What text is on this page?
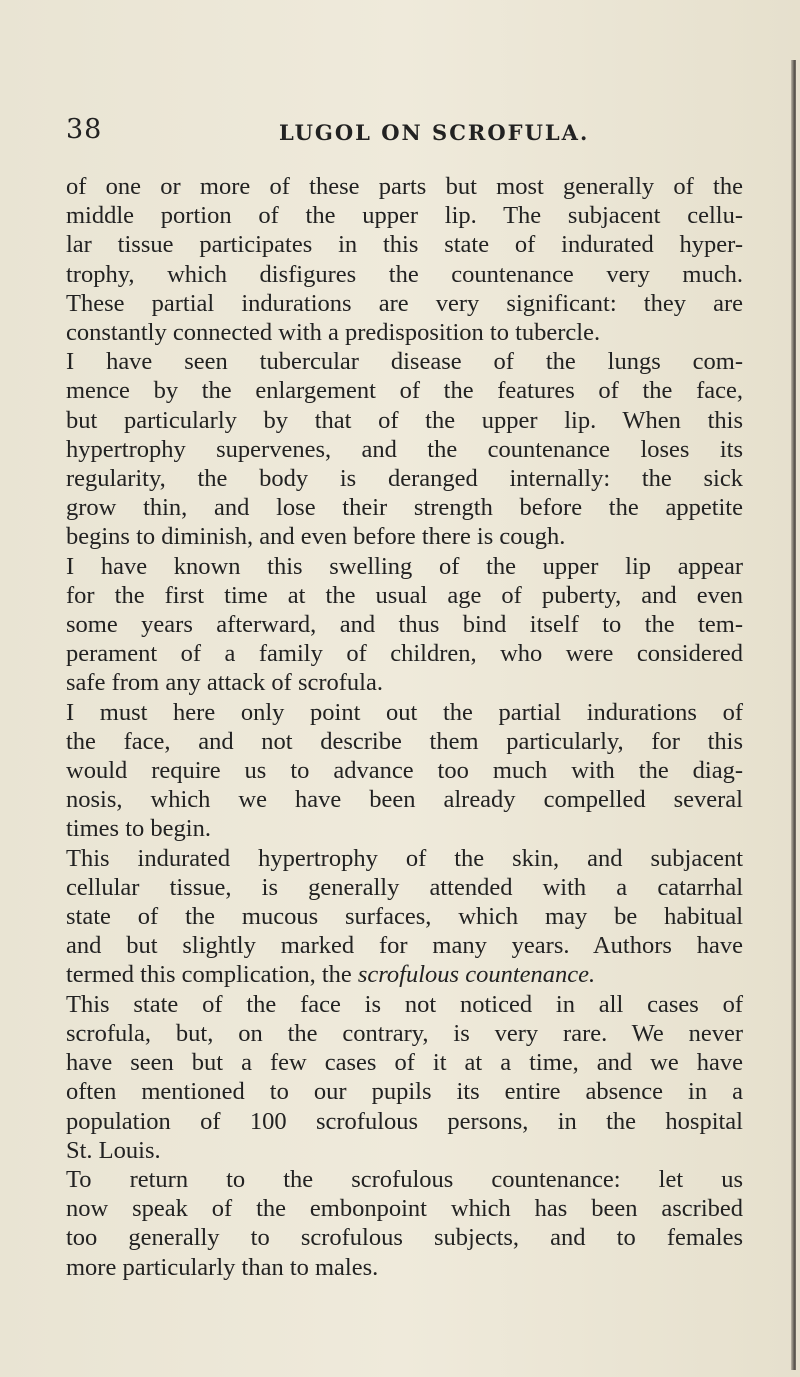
38	LUGOL ON SCROFULA.
of one or more of these parts but most generally of the
middle portion of the upper lip. The subjacent cellu-
lar tissue participates in this state of indurated hyper-
trophy, which disfigures the countenance very much.
These partial indurations are very significant: they are
constantly connected with a predisposition to tubercle.
I have seen tubercular disease of the lungs com-
mence by the enlargement of the features of the face,
but particularly by that of the upper lip. When this
hypertrophy supervenes, and the countenance loses its
regularity, the body is deranged internally: the sick
grow thin, and lose their strength before the appetite
begins to diminish, and even before there is cough.
I have known this swelling of the upper lip appear
for the first time at the usual age of puberty, and even
some years afterward, and thus bind itself to the tem-
perament of a family of children, who were considered
safe from any attack of scrofula.
I must here only point out the partial indurations of
the face, and not describe them particularly, for this
would require us to advance too much with the diag-
nosis, which we have been already compelled several
times to begin.
This indurated hypertrophy of the skin, and subjacent
cellular tissue, is generally attended with a catarrhal
state of the mucous surfaces, which may be habitual
and but slightly marked for many years. Authors have
termed this complication, the scrofulous countenance.
This state of the face is not noticed in all cases of
scrofula, but, on the contrary, is very rare. We never
have seen but a few cases of it at a time, and we have
often mentioned to our pupils its entire absence in a
population of 100 scrofulous persons, in the hospital
St. Louis.
To return to the scrofulous countenance: let us
now speak of the embonpoint which has been ascribed
too generally to scrofulous subjects, and to females
more particularly than to males.
